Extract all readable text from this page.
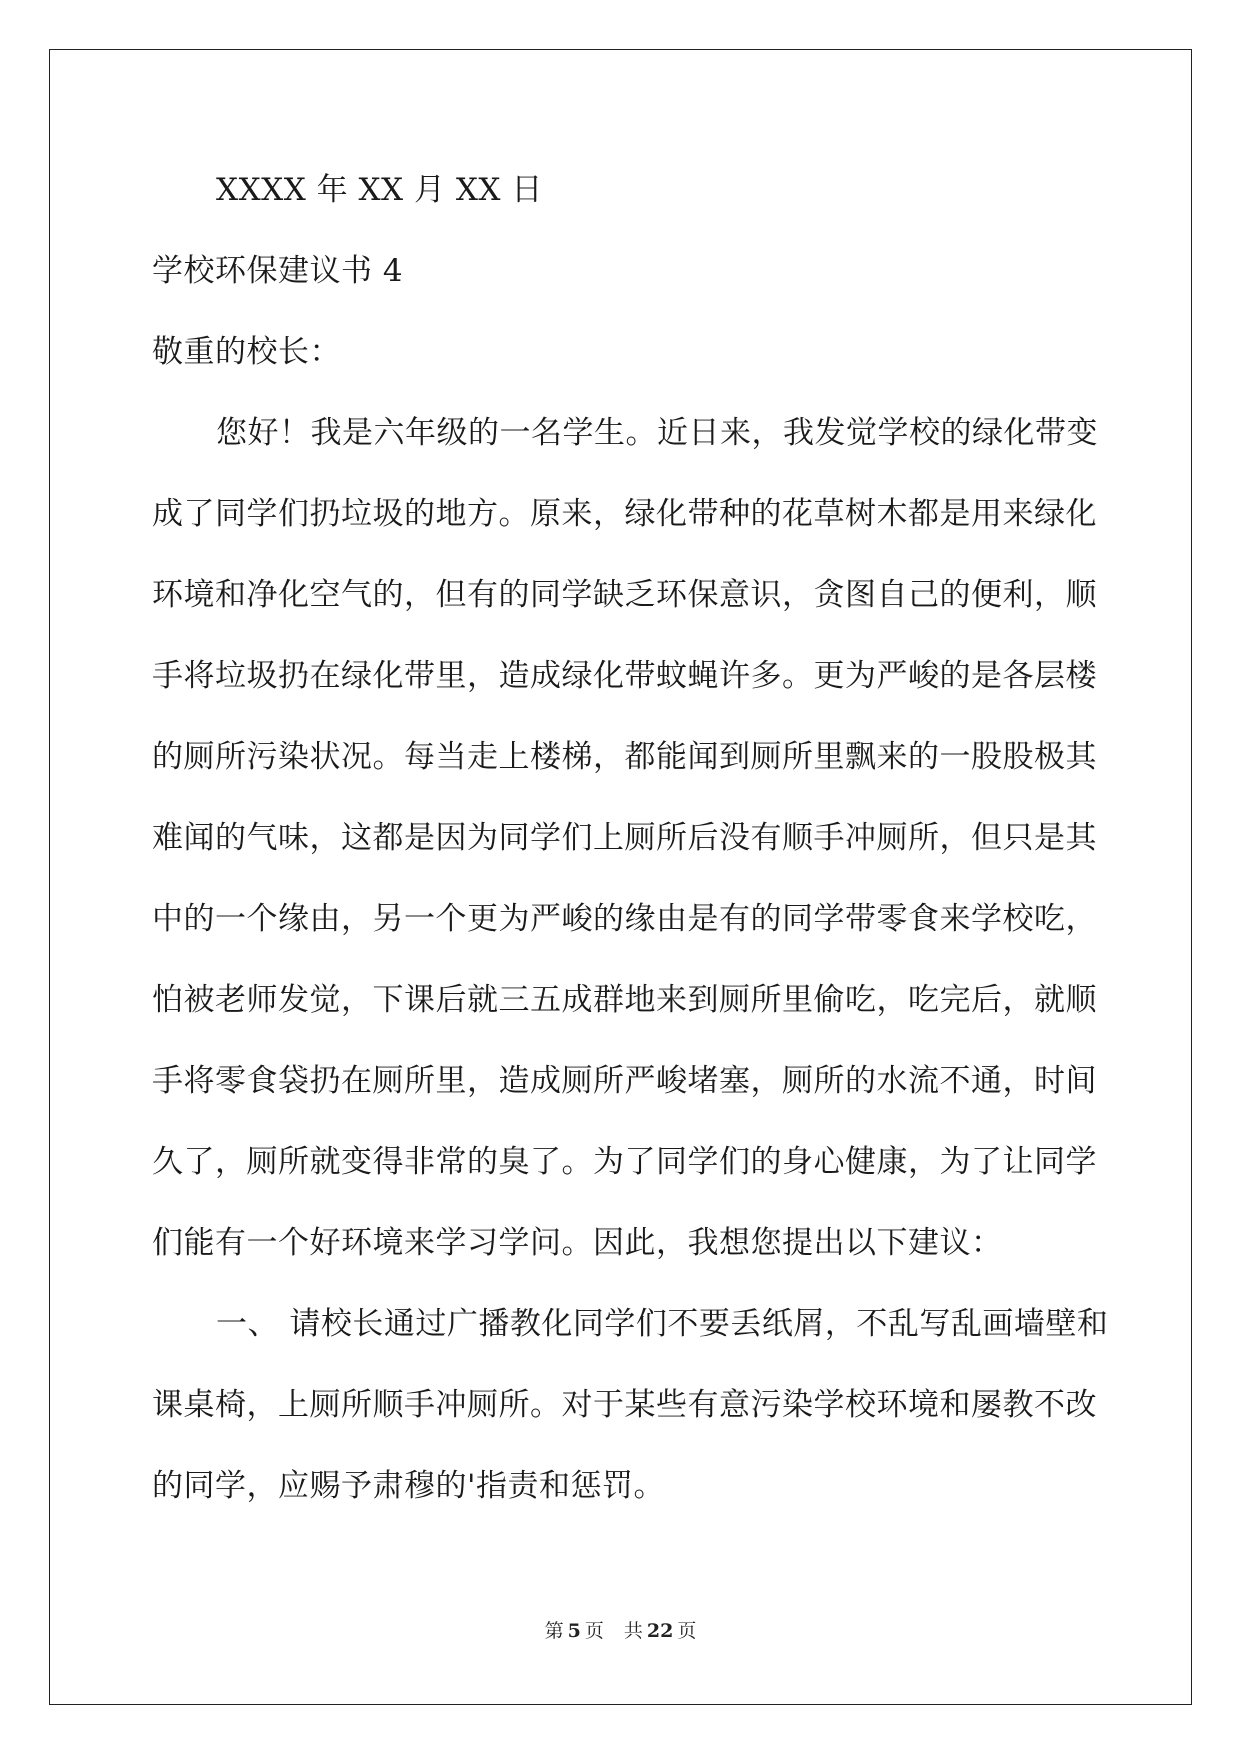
XXXX 年 XX 月 XX 日
学校环保建议书 4
敬重的校长：
您好！我是六年级的一名学生。近日来，我发觉学校的绿化带变
成了同学们扔垃圾的地方。原来，绿化带种的花草树木都是用来绿化
环境和净化空气的，但有的同学缺乏环保意识，贪图自己的便利，顺
手将垃圾扔在绿化带里，造成绿化带蚊蝇许多。更为严峻的是各层楼
的厕所污染状况。每当走上楼梯，都能闻到厕所里飘来的一股股极其
难闻的气味，这都是因为同学们上厕所后没有顺手冲厕所，但只是其
中的一个缘由，另一个更为严峻的缘由是有的同学带零食来学校吃，
怕被老师发觉，下课后就三五成群地来到厕所里偷吃，吃完后，就顺
手将零食袋扔在厕所里，造成厕所严峻堵塞，厕所的水流不通，时间
久了，厕所就变得非常的臭了。为了同学们的身心健康，为了让同学
们能有一个好环境来学习学问。因此，我想您提出以下建议：
一、 请校长通过广播教化同学们不要丢纸屑，不乱写乱画墙壁和
课桌椅，上厕所顺手冲厕所。对于某些有意污染学校环境和屡教不改
的同学，应赐予肃穆的'指责和惩罚。
第 5 页 共 22 页
